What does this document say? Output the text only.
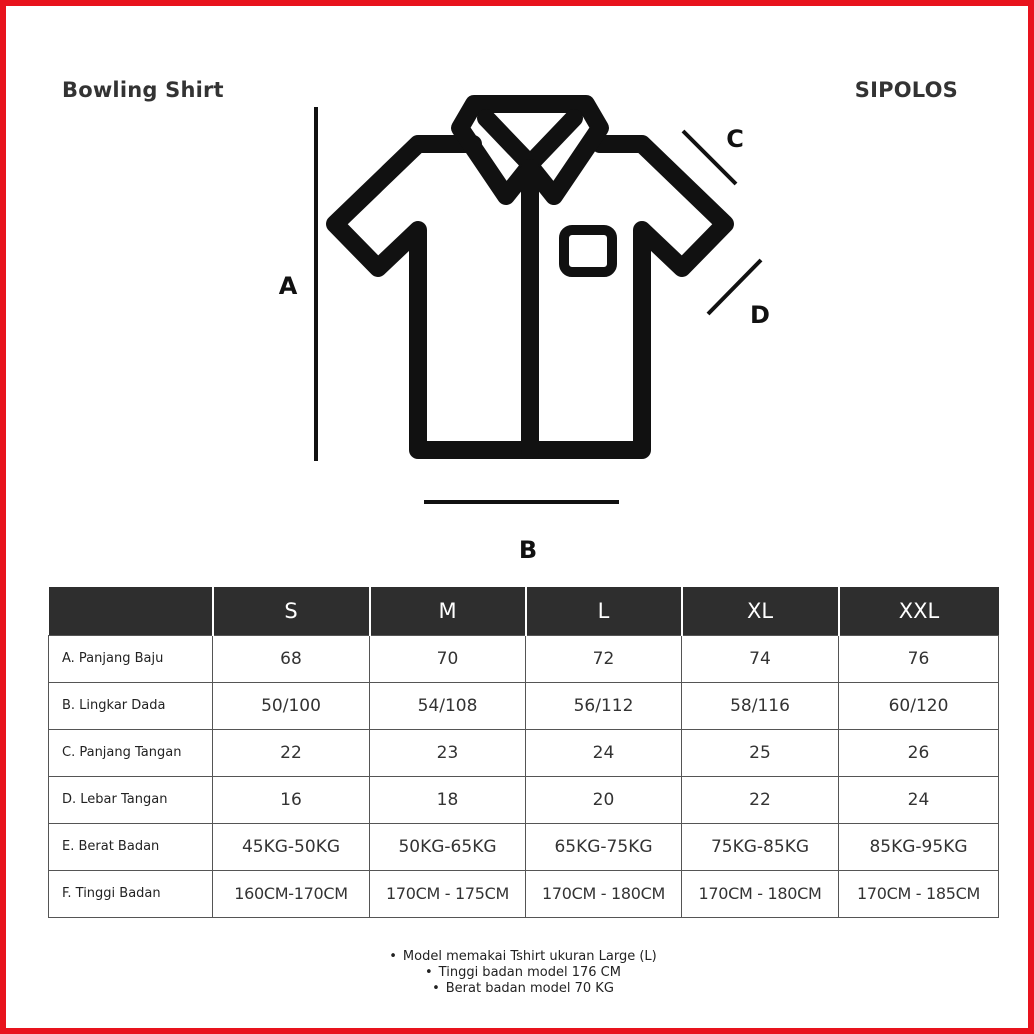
Bowling Shirt	SIPOLOS
A
B
C
D
	S	M	L	XL	XXL
A. Panjang Baju	68	70	72	74	76
B. Lingkar Dada	50/100	54/108	56/112	58/116	60/120
C. Panjang Tangan	22	23	24	25	26
D. Lebar Tangan	16	18	20	22	24
E. Berat Badan	45KG-50KG	50KG-65KG	65KG-75KG	75KG-85KG	85KG-95KG
F. Tinggi Badan	160CM-170CM	170CM - 175CM	170CM - 180CM	170CM - 180CM	170CM - 185CM
• Model memakai Tshirt ukuran Large (L)
• Tinggi badan model 176 CM
• Berat badan model 70 KG
